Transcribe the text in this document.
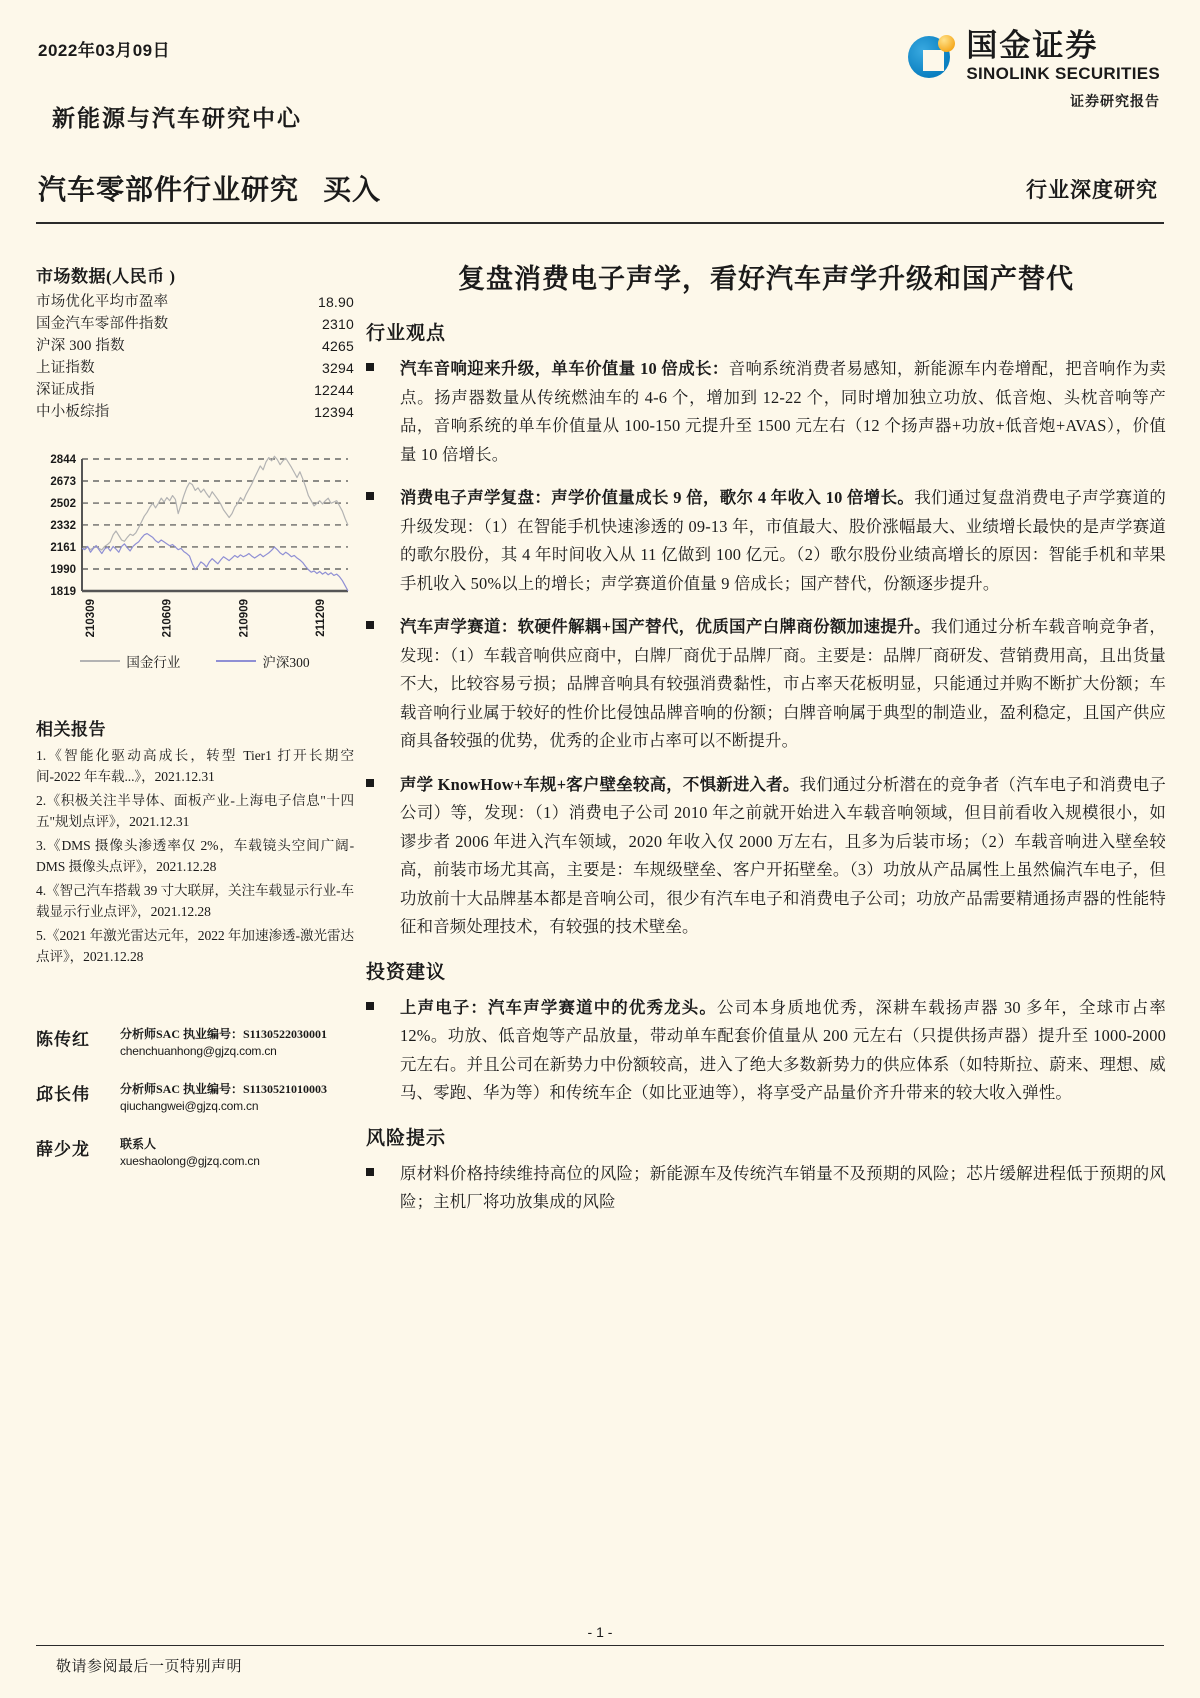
2022年03月09日
新能源与汽车研究中心
汽车零部件行业研究 买入	行业深度研究
国金证券
SINOLINK SECURITIES
证券研究报告
市场数据(人民币 )
市场优化平均市盈率	18.90
国金汽车零部件指数	2310
沪深 300 指数	4265
上证指数	3294
深证成指	12244
中小板综指	12394
1819
1990
2161
2332
2502
2673
2844
210309	210609	210909	211209
国金行业	沪深300
相关报告
1.《智能化驱动高成长，转型 Tier1 打开长期空间-2022 年车载...》，2021.12.31
2.《积极关注半导体、面板产业-上海电子信息"十四五"规划点评》，2021.12.31
3.《DMS 摄像头渗透率仅 2%，车载镜头空间广阔-DMS 摄像头点评》，2021.12.28
4.《智己汽车搭载 39 寸大联屏，关注车载显示行业-车载显示行业点评》，2021.12.28
5.《2021 年激光雷达元年，2022 年加速渗透-激光雷达点评》，2021.12.28
陈传红	分析师SAC 执业编号：S1130522030001
chenchuanhong@gjzq.com.cn
邱长伟	分析师SAC 执业编号：S1130521010003
qiuchangwei@gjzq.com.cn
薛少龙	联系人
xueshaolong@gjzq.com.cn
复盘消费电子声学，看好汽车声学升级和国产替代
行业观点
汽车音响迎来升级，单车价值量 10 倍成长：音响系统消费者易感知，新能源车内卷增配，把音响作为卖点。扬声器数量从传统燃油车的 4-6 个，增加到 12-22 个，同时增加独立功放、低音炮、头枕音响等产品，音响系统的单车价值量从 100-150 元提升至 1500 元左右（12 个扬声器+功放+低音炮+AVAS），价值量 10 倍增长。
消费电子声学复盘：声学价值量成长 9 倍，歌尔 4 年收入 10 倍增长。我们通过复盘消费电子声学赛道的升级发现：（1）在智能手机快速渗透的 09-13 年，市值最大、股价涨幅最大、业绩增长最快的是声学赛道的歌尔股份，其 4 年时间收入从 11 亿做到 100 亿元。（2）歌尔股份业绩高增长的原因：智能手机和苹果手机收入 50%以上的增长；声学赛道价值量 9 倍成长；国产替代，份额逐步提升。
汽车声学赛道：软硬件解耦+国产替代，优质国产白牌商份额加速提升。我们通过分析车载音响竞争者，发现：（1）车载音响供应商中，白牌厂商优于品牌厂商。主要是：品牌厂商研发、营销费用高，且出货量不大，比较容易亏损；品牌音响具有较强消费黏性，市占率天花板明显，只能通过并购不断扩大份额；车载音响行业属于较好的性价比侵蚀品牌音响的份额；白牌音响属于典型的制造业，盈利稳定，且国产供应商具备较强的优势，优秀的企业市占率可以不断提升。
声学 KnowHow+车规+客户壁垒较高，不惧新进入者。我们通过分析潜在的竞争者（汽车电子和消费电子公司）等，发现：（1）消费电子公司 2010 年之前就开始进入车载音响领域，但目前看收入规模很小，如谬步者 2006 年进入汽车领域，2020 年收入仅 2000 万左右，且多为后装市场；（2）车载音响进入壁垒较高，前装市场尤其高，主要是：车规级壁垒、客户开拓壁垒。（3）功放从产品属性上虽然偏汽车电子，但功放前十大品牌基本都是音响公司，很少有汽车电子和消费电子公司；功放产品需要精通扬声器的性能特征和音频处理技术，有较强的技术壁垒。
投资建议
上声电子：汽车声学赛道中的优秀龙头。公司本身质地优秀，深耕车载扬声器 30 多年，全球市占率 12%。功放、低音炮等产品放量，带动单车配套价值量从 200 元左右（只提供扬声器）提升至 1000-2000 元左右。并且公司在新势力中份额较高，进入了绝大多数新势力的供应体系（如特斯拉、蔚来、理想、威马、零跑、华为等）和传统车企（如比亚迪等），将享受产品量价齐升带来的较大收入弹性。
风险提示
原材料价格持续维持高位的风险；新能源车及传统汽车销量不及预期的风险；芯片缓解进程低于预期的风险；主机厂将功放集成的风险
- 1 -
敬请参阅最后一页特别声明
